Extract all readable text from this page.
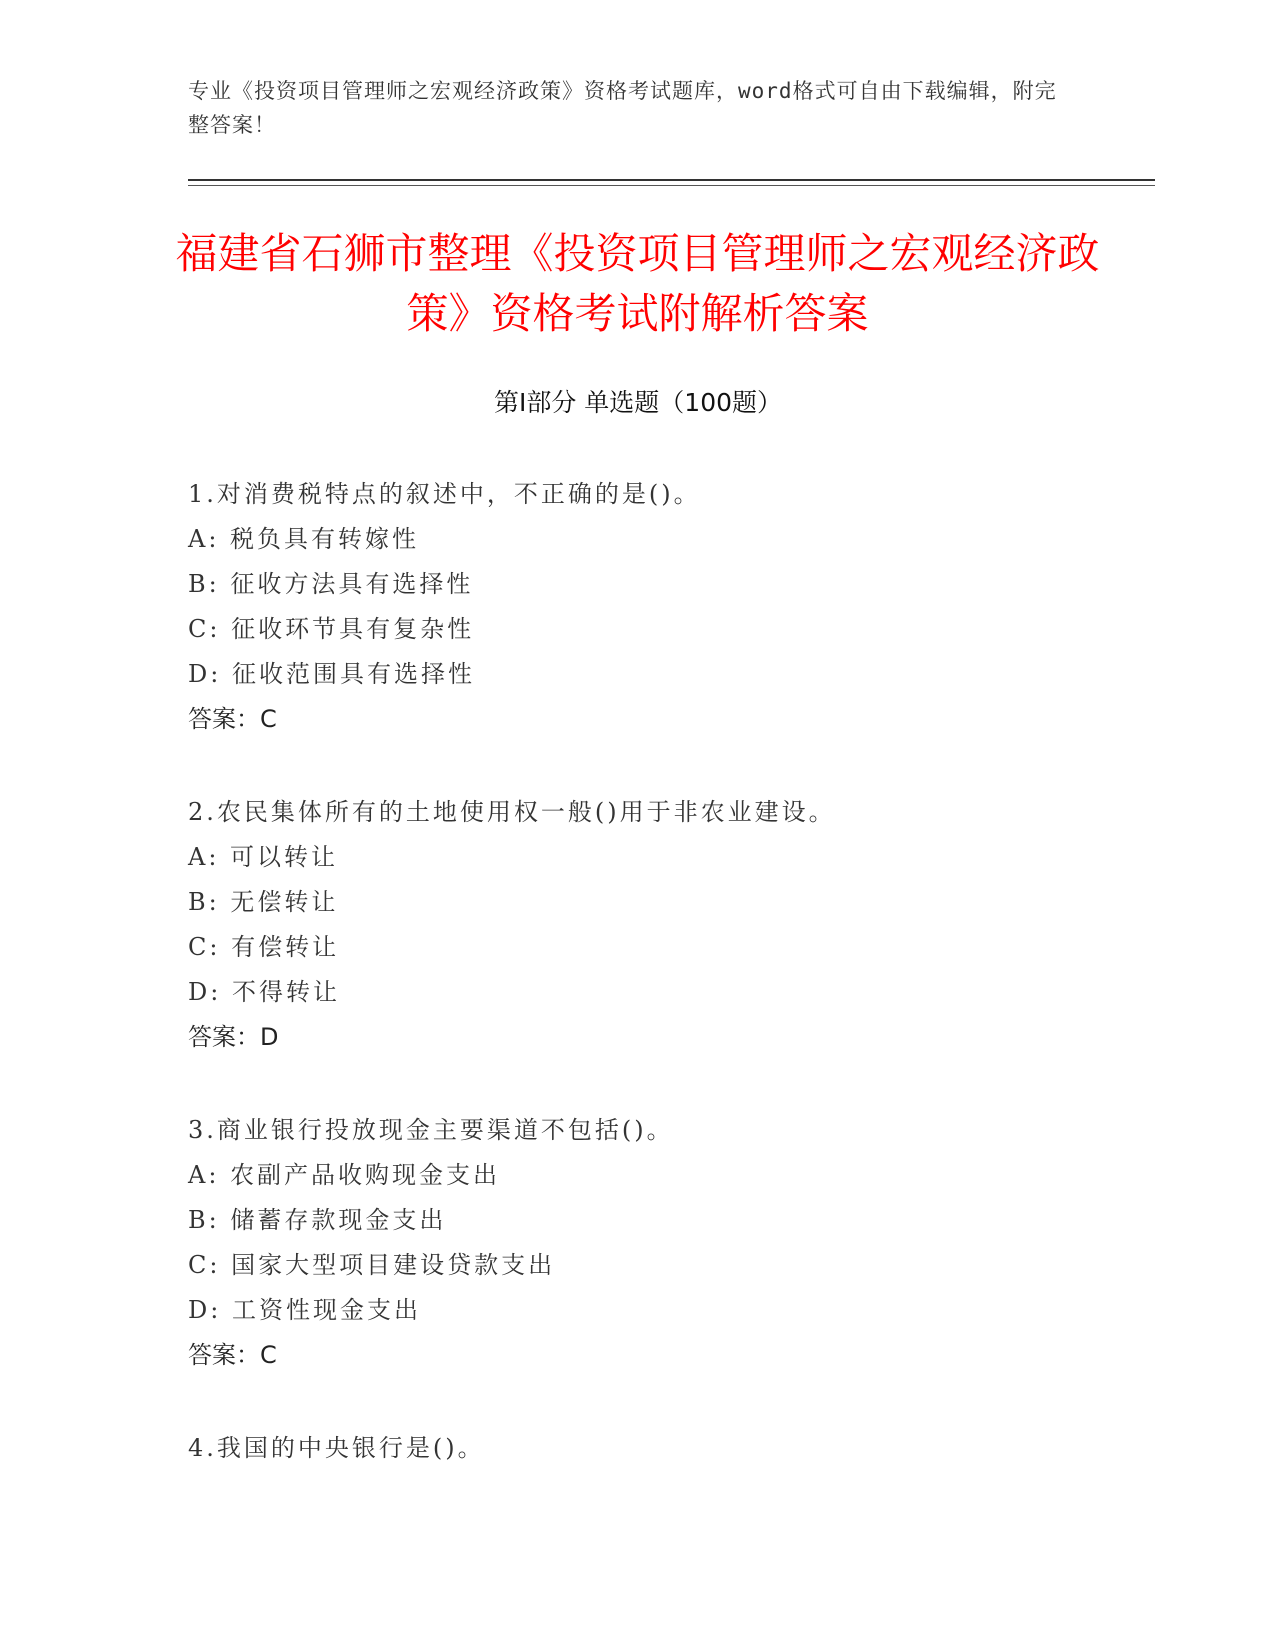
专业《投资项目管理师之宏观经济政策》资格考试题库，word格式可自由下载编辑，附完整答案！
福建省石狮市整理《投资项目管理师之宏观经济政策》资格考试附解析答案
第Ⅰ部分 单选题（100题）
1.对消费税特点的叙述中，不正确的是()。
A: 税负具有转嫁性
B: 征收方法具有选择性
C: 征收环节具有复杂性
D: 征收范围具有选择性
答案：C
2.农民集体所有的土地使用权一般()用于非农业建设。
A: 可以转让
B: 无偿转让
C: 有偿转让
D: 不得转让
答案：D
3.商业银行投放现金主要渠道不包括()。
A: 农副产品收购现金支出
B: 储蓄存款现金支出
C: 国家大型项目建设贷款支出
D: 工资性现金支出
答案：C
4.我国的中央银行是()。
